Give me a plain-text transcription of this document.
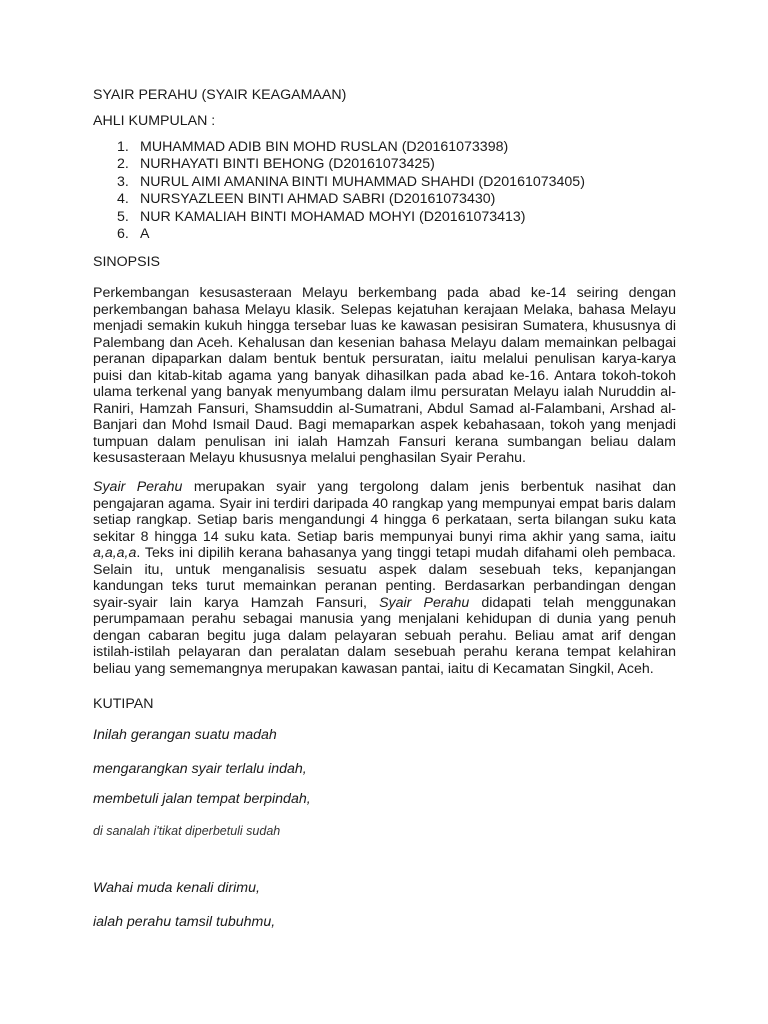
SYAIR PERAHU (SYAIR KEAGAMAAN)

AHLI KUMPULAN :

1. MUHAMMAD ADIB BIN MOHD RUSLAN (D20161073398)
2. NURHAYATI BINTI BEHONG (D20161073425)
3. NURUL AIMI AMANINA BINTI MUHAMMAD SHAHDI (D20161073405)
4. NURSYAZLEEN BINTI AHMAD SABRI (D20161073430)
5. NUR KAMALIAH BINTI MOHAMAD MOHYI (D20161073413)
6. A

SINOPSIS

Perkembangan kesusasteraan Melayu berkembang pada abad ke-14 seiring dengan perkembangan bahasa Melayu klasik. Selepas kejatuhan kerajaan Melaka, bahasa Melayu menjadi semakin kukuh hingga tersebar luas ke kawasan pesisiran Sumatera, khususnya di Palembang dan Aceh. Kehalusan dan kesenian bahasa Melayu dalam memainkan pelbagai peranan dipaparkan dalam bentuk bentuk persuratan, iaitu melalui penulisan karya-karya puisi dan kitab-kitab agama yang banyak dihasilkan pada abad ke-16. Antara tokoh-tokoh ulama terkenal yang banyak menyumbang dalam ilmu persuratan Melayu ialah Nuruddin al-Raniri, Hamzah Fansuri, Shamsuddin al-Sumatrani, Abdul Samad al-Falambani, Arshad al-Banjari dan Mohd Ismail Daud. Bagi memaparkan aspek kebahasaan, tokoh yang menjadi tumpuan dalam penulisan ini ialah Hamzah Fansuri kerana sumbangan beliau dalam kesusasteraan Melayu khususnya melalui penghasilan Syair Perahu.

Syair Perahu merupakan syair yang tergolong dalam jenis berbentuk nasihat dan pengajaran agama. Syair ini terdiri daripada 40 rangkap yang mempunyai empat baris dalam setiap rangkap. Setiap baris mengandungi 4 hingga 6 perkataan, serta bilangan suku kata sekitar 8 hingga 14 suku kata. Setiap baris mempunyai bunyi rima akhir yang sama, iaitu a,a,a,a. Teks ini dipilih kerana bahasanya yang tinggi tetapi mudah difahami oleh pembaca. Selain itu, untuk menganalisis sesuatu aspek dalam sesebuah teks, kepanjangan kandungan teks turut memainkan peranan penting. Berdasarkan perbandingan dengan syair-syair lain karya Hamzah Fansuri, Syair Perahu didapati telah menggunakan perumpamaan perahu sebagai manusia yang menjalani kehidupan di dunia yang penuh dengan cabaran begitu juga dalam pelayaran sebuah perahu. Beliau amat arif dengan istilah-istilah pelayaran dan peralatan dalam sesebuah perahu kerana tempat kelahiran beliau yang sememangnya merupakan kawasan pantai, iaitu di Kecamatan Singkil, Aceh.

KUTIPAN

Inilah gerangan suatu madah

mengarangkan syair terlalu indah,

membetuli jalan tempat berpindah,

di sanalah i'tikat diperbetuli sudah

Wahai muda kenali dirimu,

ialah perahu tamsil tubuhmu,
